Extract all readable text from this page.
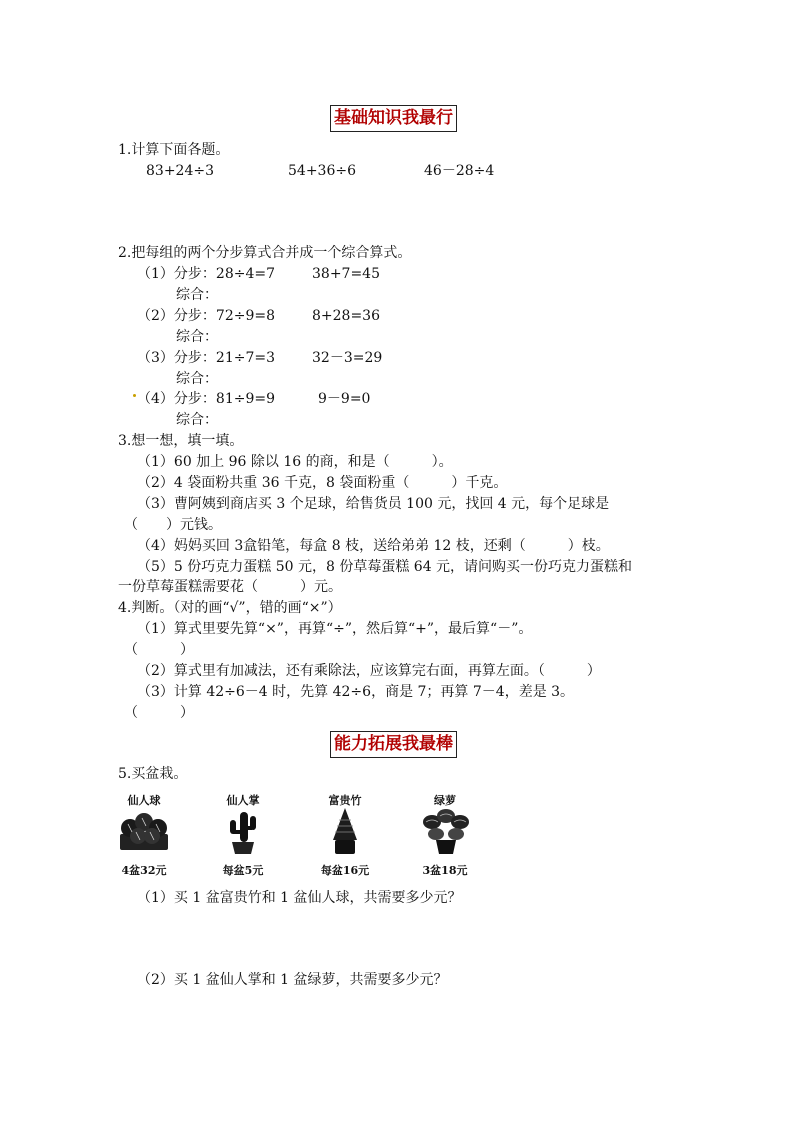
基础知识我最行
1.计算下面各题。
83+24÷3	54+36÷6	46－28÷4
2.把每组的两个分步算式合并成一个综合算式。
（1）分步：28÷4=7	38+7=45
综合：
（2）分步：72÷9=8	8+28=36
综合：
（3）分步：21÷7=3	32－3=29
综合：
（4）分步：81÷9=9	9－9=0
综合：
3.想一想，填一填。
（1）60 加上 96 除以 16 的商，和是（　　　）。
（2）4 袋面粉共重 36 千克，8 袋面粉重（　　　）千克。
（3）曹阿姨到商店买 3 个足球，给售货员 100 元，找回 4 元，每个足球是
（　　）元钱。
（4）妈妈买回 3盒铅笔，每盒 8 枝，送给弟弟 12 枝，还剩（　　　）枝。
（5）5 份巧克力蛋糕 50 元，8 份草莓蛋糕 64 元，请问购买一份巧克力蛋糕和
一份草莓蛋糕需要花（　　　）元。
4.判断。（对的画“√”，错的画“×”）
（1）算式里要先算“×”，再算“÷”，然后算“+”，最后算“－”。
（　　　）
（2）算式里有加减法，还有乘除法，应该算完右面，再算左面。（　　　）
（3）计算 42÷6－4 时，先算 42÷6，商是 7；再算 7－4，差是 3。
（　　　）
能力拓展我最棒
5.买盆栽。
仙人球
4盆32元
仙人掌
每盆5元
富贵竹
每盆16元
绿萝
3盆18元
（1）买 1 盆富贵竹和 1 盆仙人球，共需要多少元？
（2）买 1 盆仙人掌和 1 盆绿萝，共需要多少元？
